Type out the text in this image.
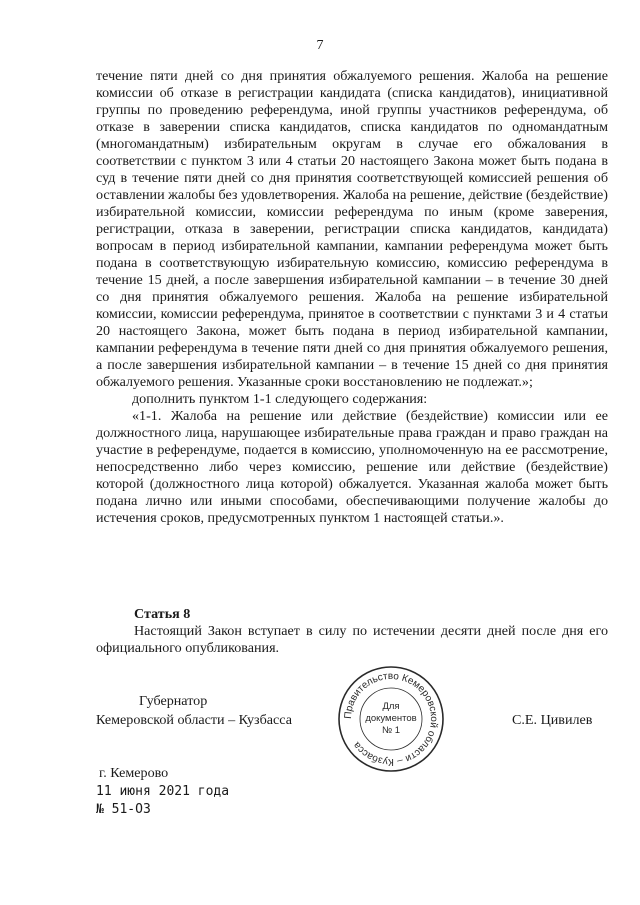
7

течение пяти дней со дня принятия обжалуемого решения. Жалоба на решение комиссии об отказе в регистрации кандидата (списка кандидатов), инициативной группы по проведению референдума, иной группы участников референдума, об отказе в заверении списка кандидатов, списка кандидатов по одномандатным (многомандатным) избирательным округам в случае его обжалования в соответствии с пунктом 3 или 4 статьи 20 настоящего Закона может быть подана в суд в течение пяти дней со дня принятия соответствующей комиссией решения об оставлении жалобы без удовлетворения. Жалоба на решение, действие (бездействие) избирательной комиссии, комиссии референдума по иным (кроме заверения, регистрации, отказа в заверении, регистрации списка кандидатов, кандидата) вопросам в период избирательной кампании, кампании референдума может быть подана в соответствующую избирательную комиссию, комиссию референдума в течение 15 дней, а после завершения избирательной кампании – в течение 30 дней со дня принятия обжалуемого решения. Жалоба на решение избирательной комиссии, комиссии референдума, принятое в соответствии с пунктами 3 и 4 статьи 20 настоящего Закона, может быть подана в период избирательной кампании, кампании референдума в течение пяти дней со дня принятия обжалуемого решения, а после завершения избирательной кампании – в течение 15 дней со дня принятия обжалуемого решения. Указанные сроки восстановлению не подлежат.»;

дополнить пунктом 1-1 следующего содержания:

«1-1. Жалоба на решение или действие (бездействие) комиссии или ее должностного лица, нарушающее избирательные права граждан и право граждан на участие в референдуме, подается в комиссию, уполномоченную на ее рассмотрение, непосредственно либо через комиссию, решение или действие (бездействие) которой (должностного лица которой) обжалуется. Указанная жалоба может быть подана лично или иными способами, обеспечивающими получение жалобы до истечения сроков, предусмотренных пунктом 1 настоящей статьи.».

Статья 8
Настоящий Закон вступает в силу по истечении десяти дней после дня его официального опубликования.
Губернатор
Кемеровской области – Кузбасса	С.Е. Цивилев
Правительство Кемеровской области – Кузбасса
Для
документов
№ 1
г. Кемерово
11 июня 2021 года
№ 51-ОЗ
